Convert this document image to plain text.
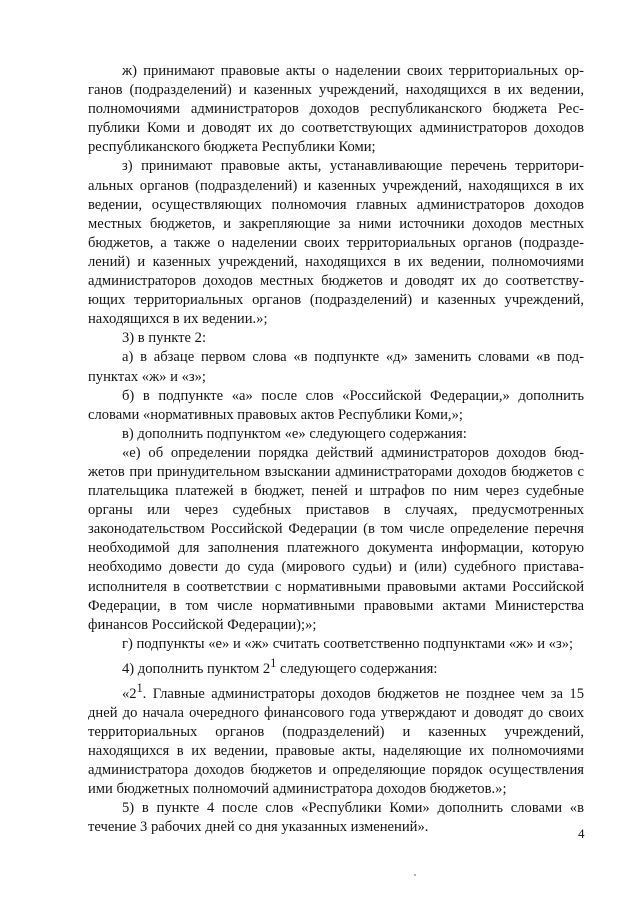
ж) принимают правовые акты о наделении своих территориальных органов (подразделений) и казенных учреждений, находящихся в их ведении, полномочиями администраторов доходов республиканского бюджета Республики Коми и доводят их до соответствующих администраторов доходов республиканского бюджета Республики Коми;

з) принимают правовые акты, устанавливающие перечень территориальных органов (подразделений) и казенных учреждений, находящихся в их ведении, осуществляющих полномочия главных администраторов доходов местных бюджетов, и закрепляющие за ними источники доходов местных бюджетов, а также о наделении своих территориальных органов (подразделений) и казенных учреждений, находящихся в их ведении, полномочиями администраторов доходов местных бюджетов и доводят их до соответствующих территориальных органов (подразделений) и казенных учреждений, находящихся в их ведении.»;

3) в пункте 2:

а) в абзаце первом слова «в подпункте «д» заменить словами «в подпунктах «ж» и «з»;

б) в подпункте «а» после слов «Российской Федерации,» дополнить словами «нормативных правовых актов Республики Коми,»;

в) дополнить подпунктом «е» следующего содержания:

«е) об определении порядка действий администраторов доходов бюджетов при принудительном взыскании администраторами доходов бюджетов с плательщика платежей в бюджет, пеней и штрафов по ним через судебные органы или через судебных приставов в случаях, предусмотренных законодательством Российской Федерации (в том числе определение перечня необходимой для заполнения платежного документа информации, которую необходимо довести до суда (мирового судьи) и (или) судебного пристава-исполнителя в соответствии с нормативными правовыми актами Российской Федерации, в том числе нормативными правовыми актами Министерства финансов Российской Федерации);»;

г) подпункты «е» и «ж» считать соответственно подпунктами «ж» и «з»;

4) дополнить пунктом $2^1$ следующего содержания:

«$2^1$. Главные администраторы доходов бюджетов не позднее чем за 15 дней до начала очередного финансового года утверждают и доводят до своих территориальных органов (подразделений) и казенных учреждений, находящихся в их ведении, правовые акты, наделяющие их полномочиями администратора доходов бюджетов и определяющие порядок осуществления ими бюджетных полномочий администратора доходов бюджетов.»;

5) в пункте 4 после слов «Республики Коми» дополнить словами «в течение 3 рабочих дней со дня указанных изменений».	4
